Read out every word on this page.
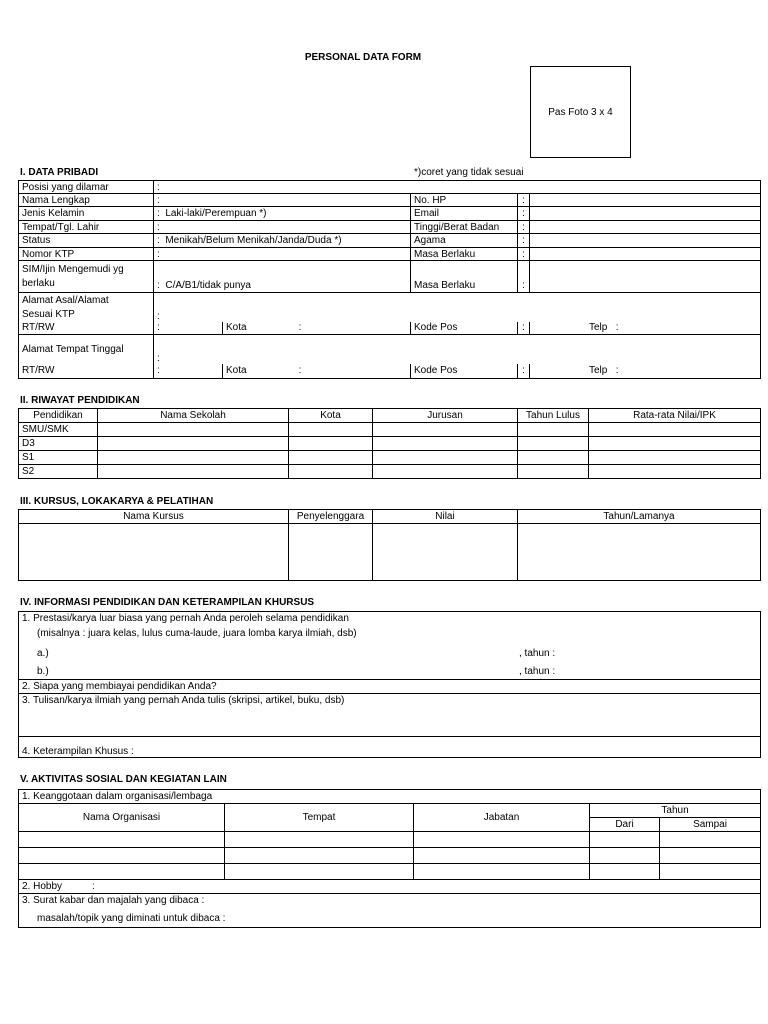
PERSONAL DATA FORM
Pas Foto 3 x 4
I. DATA PRIBADI	*)coret yang tidak sesuai
Posisi yang dilamar	:				
Nama Lengkap	:		No. HP	:	
Jenis Kelamin	: Laki-laki/Perempuan *)		Email	:	
Tempat/Tgl. Lahir	:		Tinggi/Berat Badan	:	
Status	: Menikah/Belum Menikah/Janda/Duda *)		Agama	:	
Nomor KTP	:		Masa Berlaku	:	
SIM/Ijin Mengemudi yg
berlaku	: C/A/B1/tidak punya		Masa Berlaku	:	
Alamat Asal/Alamat
Sesuai KTP	:				
RT/RW	:	Kota :	Kode Pos	:	Telp :
Alamat Tempat Tinggal	:				
RT/RW	:	Kota :	Kode Pos	:	Telp :
II. RIWAYAT PENDIDIKAN
Pendidikan	Nama Sekolah	Kota	Jurusan	Tahun Lulus	Rata-rata Nilai/IPK
SMU/SMK					
D3					
S1					
S2					
III. KURSUS, LOKAKARYA & PELATIHAN
Nama Kursus	Penyelenggara	Nilai	Tahun/Lamanya

IV. INFORMASI PENDIDIKAN DAN KETERAMPILAN KHURSUS
1. Prestasi/karya luar biasa yang pernah Anda peroleh selama pendidikan
(misalnya : juara kelas, lulus cuma-laude, juara lomba karya ilmiah, dsb)
a.)	, tahun :
b.)	, tahun :

2. Siapa yang membiayai pendidikan Anda?
3. Tulisan/karya ilmiah yang pernah Anda tulis (skripsi, artikel, buku, dsb)
4. Keterampilan Khusus :
V. AKTIVITAS SOSIAL DAN KEGIATAN LAIN
1. Keanggotaan dalam organisasi/lembaga				
Nama Organisasi	Tempat	Jabatan	Tahun	
			Dari	Sampai

2. Hobby :				

3. Surat kabar dan majalah yang dibaca :
masalah/topik yang diminati untuk dibaca :				
